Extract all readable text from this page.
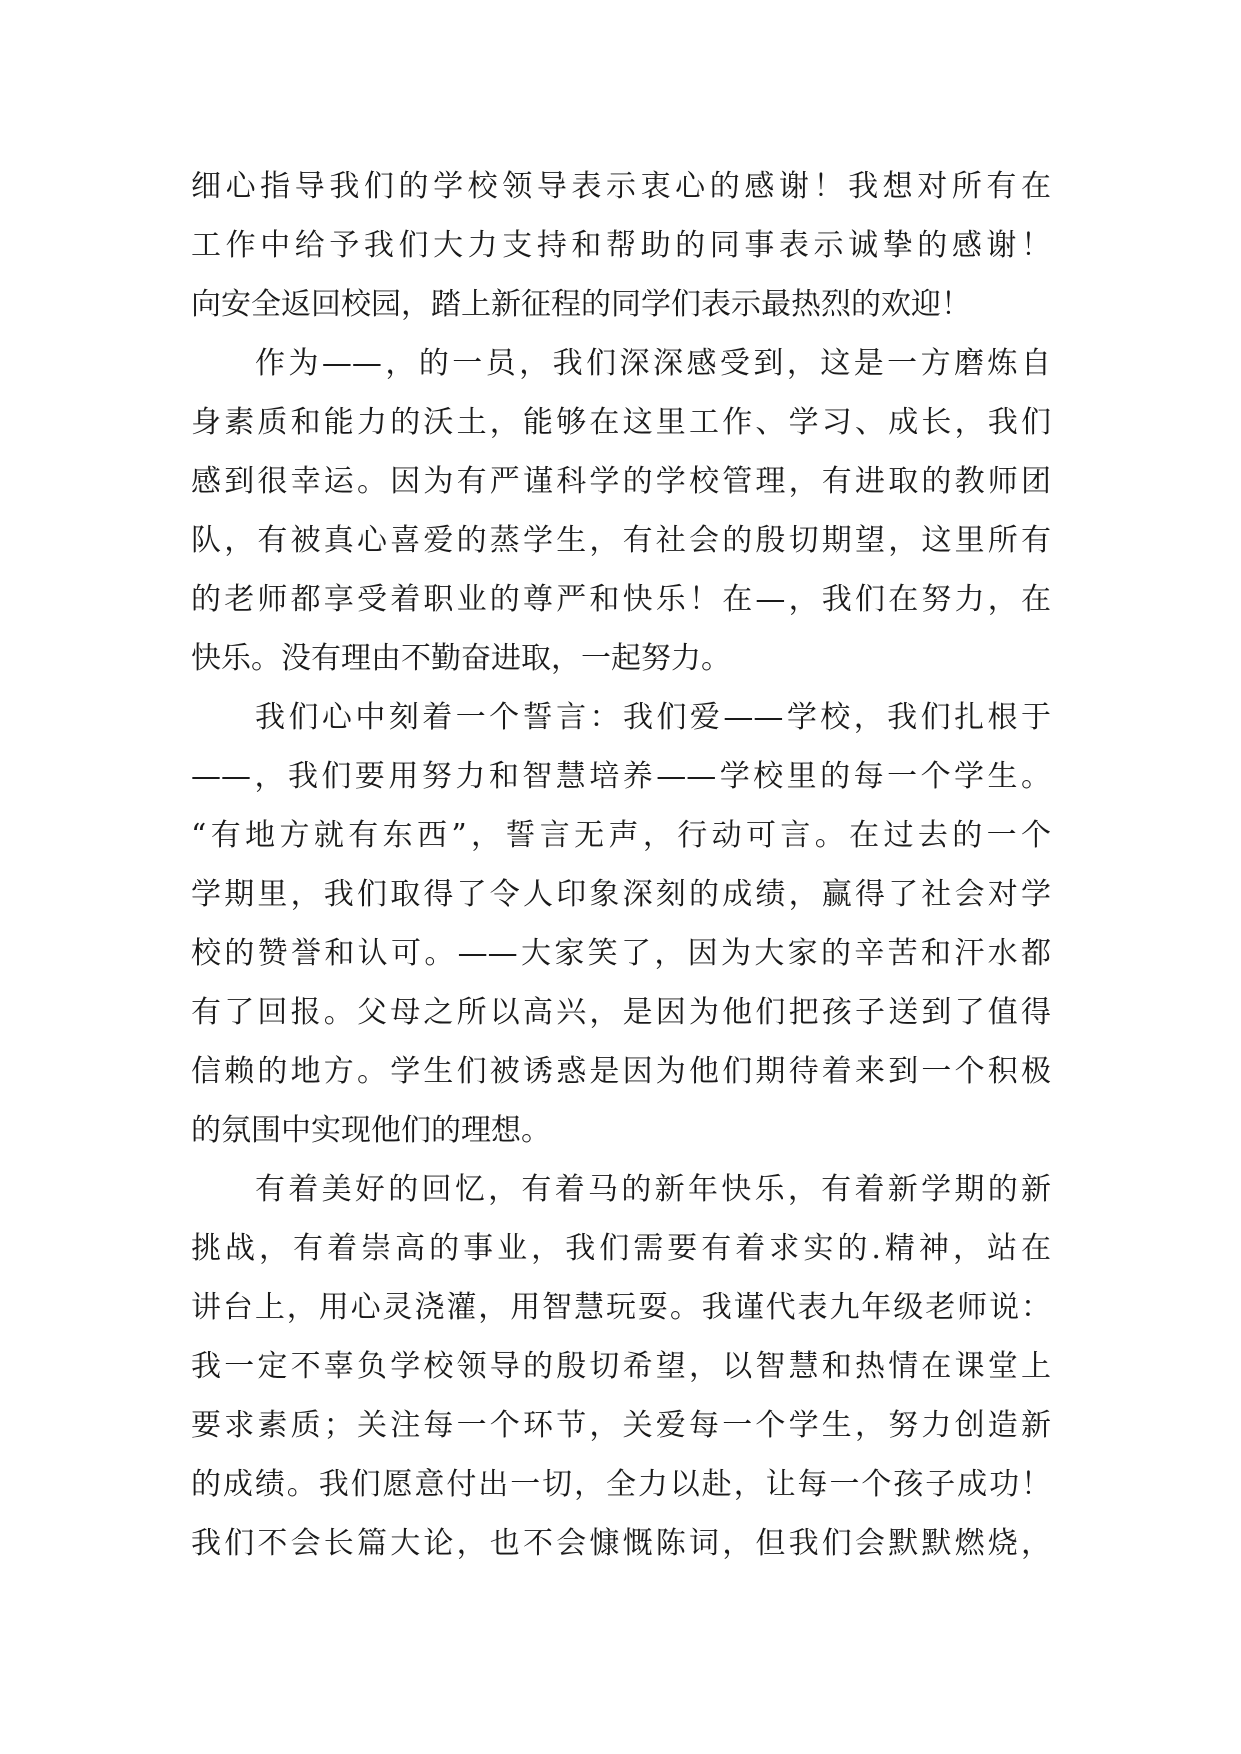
细心指导我们的学校领导表示衷心的感谢！我想对所有在
工作中给予我们大力支持和帮助的同事表示诚挚的感谢！
向安全返回校园，踏上新征程的同学们表示最热烈的欢迎！
作为——，的一员，我们深深感受到，这是一方磨炼自
身素质和能力的沃土，能够在这里工作、学习、成长，我们
感到很幸运。因为有严谨科学的学校管理，有进取的教师团
队，有被真心喜爱的蒸学生，有社会的殷切期望，这里所有
的老师都享受着职业的尊严和快乐！在—，我们在努力，在
快乐。没有理由不勤奋进取，一起努力。
我们心中刻着一个誓言：我们爱——学校，我们扎根于
——，我们要用努力和智慧培养——学校里的每一个学生。
“有地方就有东西”，誓言无声，行动可言。在过去的一个
学期里，我们取得了令人印象深刻的成绩，赢得了社会对学
校的赞誉和认可。——大家笑了，因为大家的辛苦和汗水都
有了回报。父母之所以高兴，是因为他们把孩子送到了值得
信赖的地方。学生们被诱惑是因为他们期待着来到一个积极
的氛围中实现他们的理想。
有着美好的回忆，有着马的新年快乐，有着新学期的新
挑战，有着崇高的事业，我们需要有着求实的.精神，站在
讲台上，用心灵浇灌，用智慧玩耍。我谨代表九年级老师说：
我一定不辜负学校领导的殷切希望，以智慧和热情在课堂上
要求素质；关注每一个环节，关爱每一个学生，努力创造新
的成绩。我们愿意付出一切，全力以赴，让每一个孩子成功！
我们不会长篇大论，也不会慷慨陈词，但我们会默默燃烧，
